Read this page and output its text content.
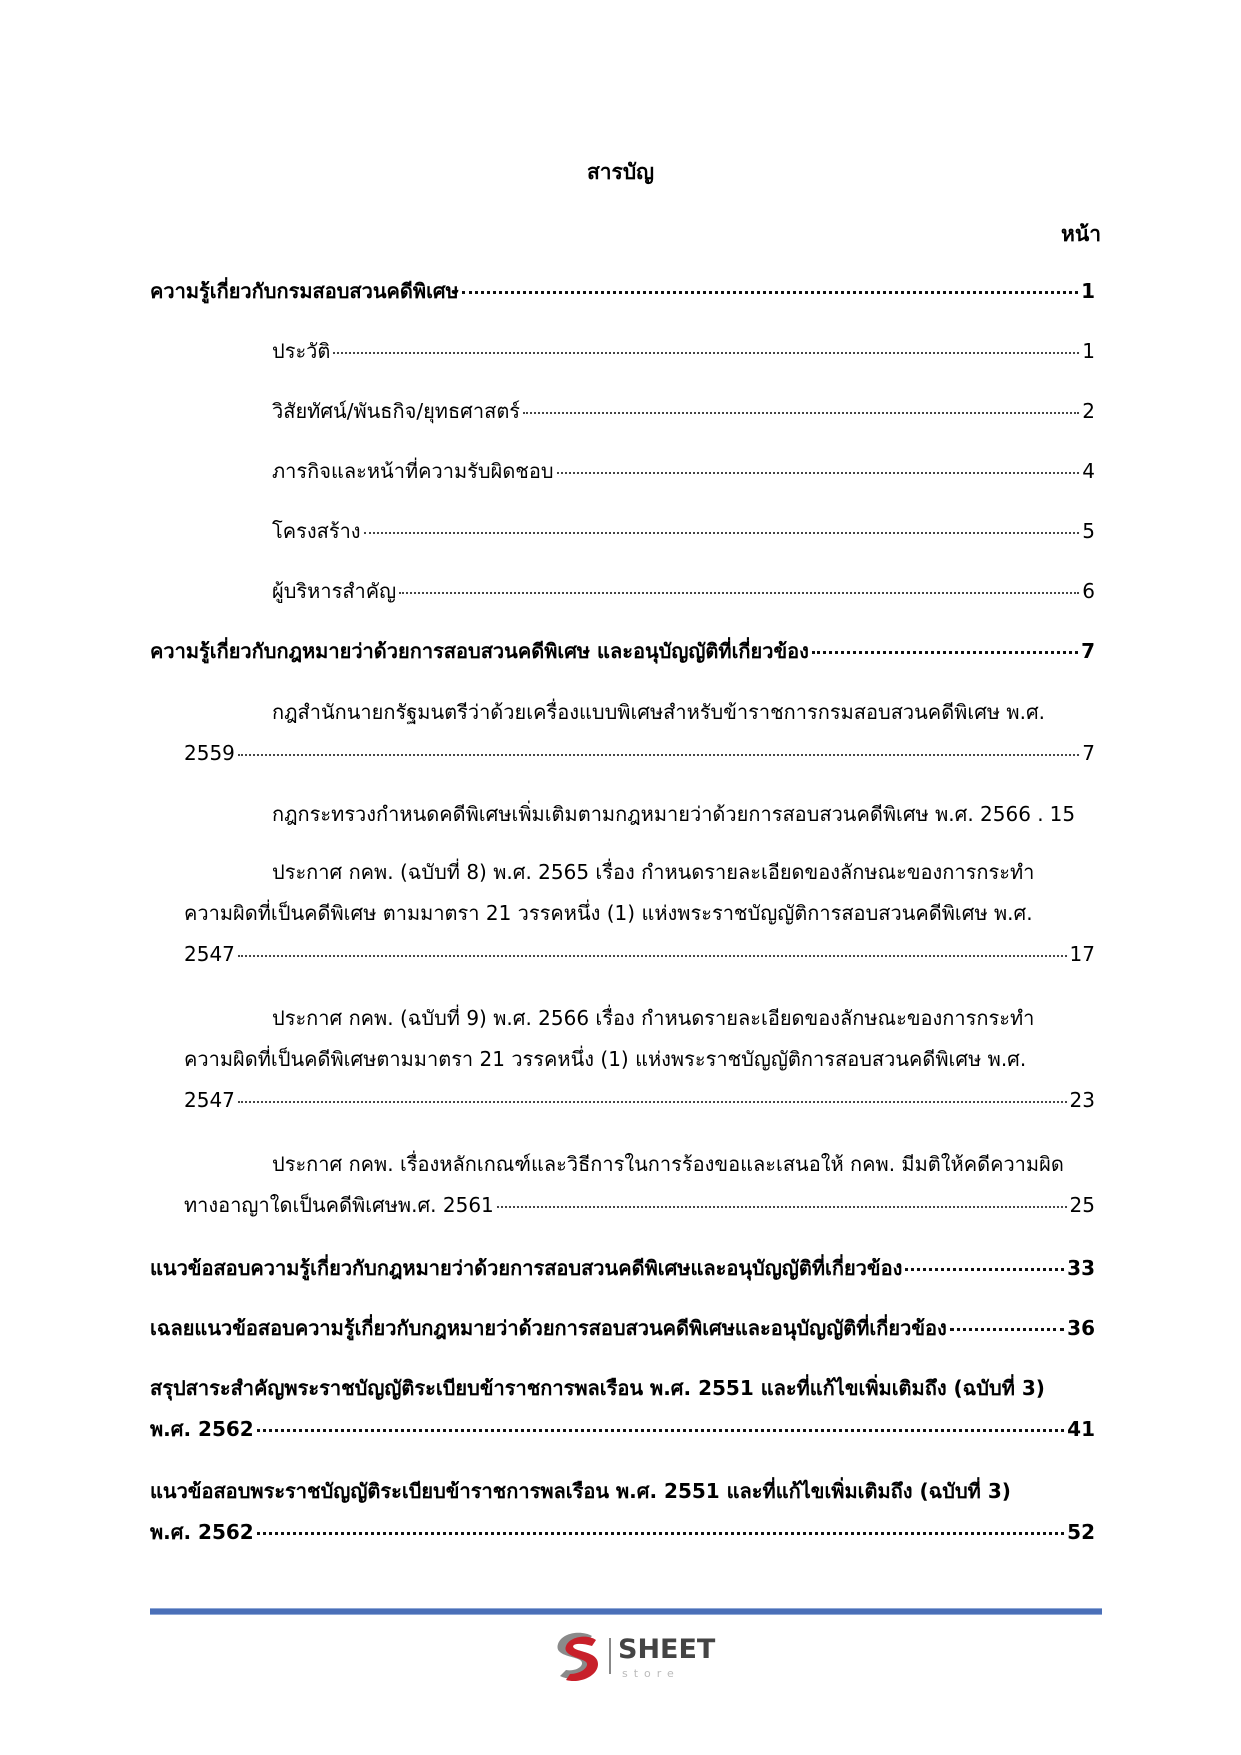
สารบัญ
หน้า
ความรู้เกี่ยวกับกรมสอบสวนคดีพิเศษ	1
ประวัติ	1
วิสัยทัศน์/พันธกิจ/ยุทธศาสตร์	2
ภารกิจและหน้าที่ความรับผิดชอบ	4
โครงสร้าง	5
ผู้บริหารสำคัญ	6
ความรู้เกี่ยวกับกฎหมายว่าด้วยการสอบสวนคดีพิเศษ และอนุบัญญัติที่เกี่ยวข้อง	7
กฎสำนักนายกรัฐมนตรีว่าด้วยเครื่องแบบพิเศษสำหรับข้าราชการกรมสอบสวนคดีพิเศษ พ.ศ.
2559	7
กฎกระทรวงกำหนดคดีพิเศษเพิ่มเติมตามกฎหมายว่าด้วยการสอบสวนคดีพิเศษ พ.ศ. 2566 . 15
ประกาศ กคพ. (ฉบับที่ 8) พ.ศ. 2565 เรื่อง กำหนดรายละเอียดของลักษณะของการกระทำ
ความผิดที่เป็นคดีพิเศษ ตามมาตรา 21 วรรคหนึ่ง (1) แห่งพระราชบัญญัติการสอบสวนคดีพิเศษ พ.ศ.
2547	17
ประกาศ กคพ. (ฉบับที่ 9) พ.ศ. 2566 เรื่อง กำหนดรายละเอียดของลักษณะของการกระทำ
ความผิดที่เป็นคดีพิเศษตามมาตรา 21 วรรคหนึ่ง (1) แห่งพระราชบัญญัติการสอบสวนคดีพิเศษ พ.ศ.
2547	23
ประกาศ กคพ. เรื่องหลักเกณฑ์และวิธีการในการร้องขอและเสนอให้ กคพ. มีมติให้คดีความผิด
ทางอาญาใดเป็นคดีพิเศษพ.ศ. 2561	25
แนวข้อสอบความรู้เกี่ยวกับกฎหมายว่าด้วยการสอบสวนคดีพิเศษและอนุบัญญัติที่เกี่ยวข้อง	33
เฉลยแนวข้อสอบความรู้เกี่ยวกับกฎหมายว่าด้วยการสอบสวนคดีพิเศษและอนุบัญญัติที่เกี่ยวข้อง	36
สรุปสาระสำคัญพระราชบัญญัติระเบียบข้าราชการพลเรือน พ.ศ. 2551 และที่แก้ไขเพิ่มเติมถึง (ฉบับที่ 3)
พ.ศ. 2562	41
แนวข้อสอบพระราชบัญญัติระเบียบข้าราชการพลเรือน พ.ศ. 2551 และที่แก้ไขเพิ่มเติมถึง (ฉบับที่ 3)
พ.ศ. 2562	52
SHEET
store
